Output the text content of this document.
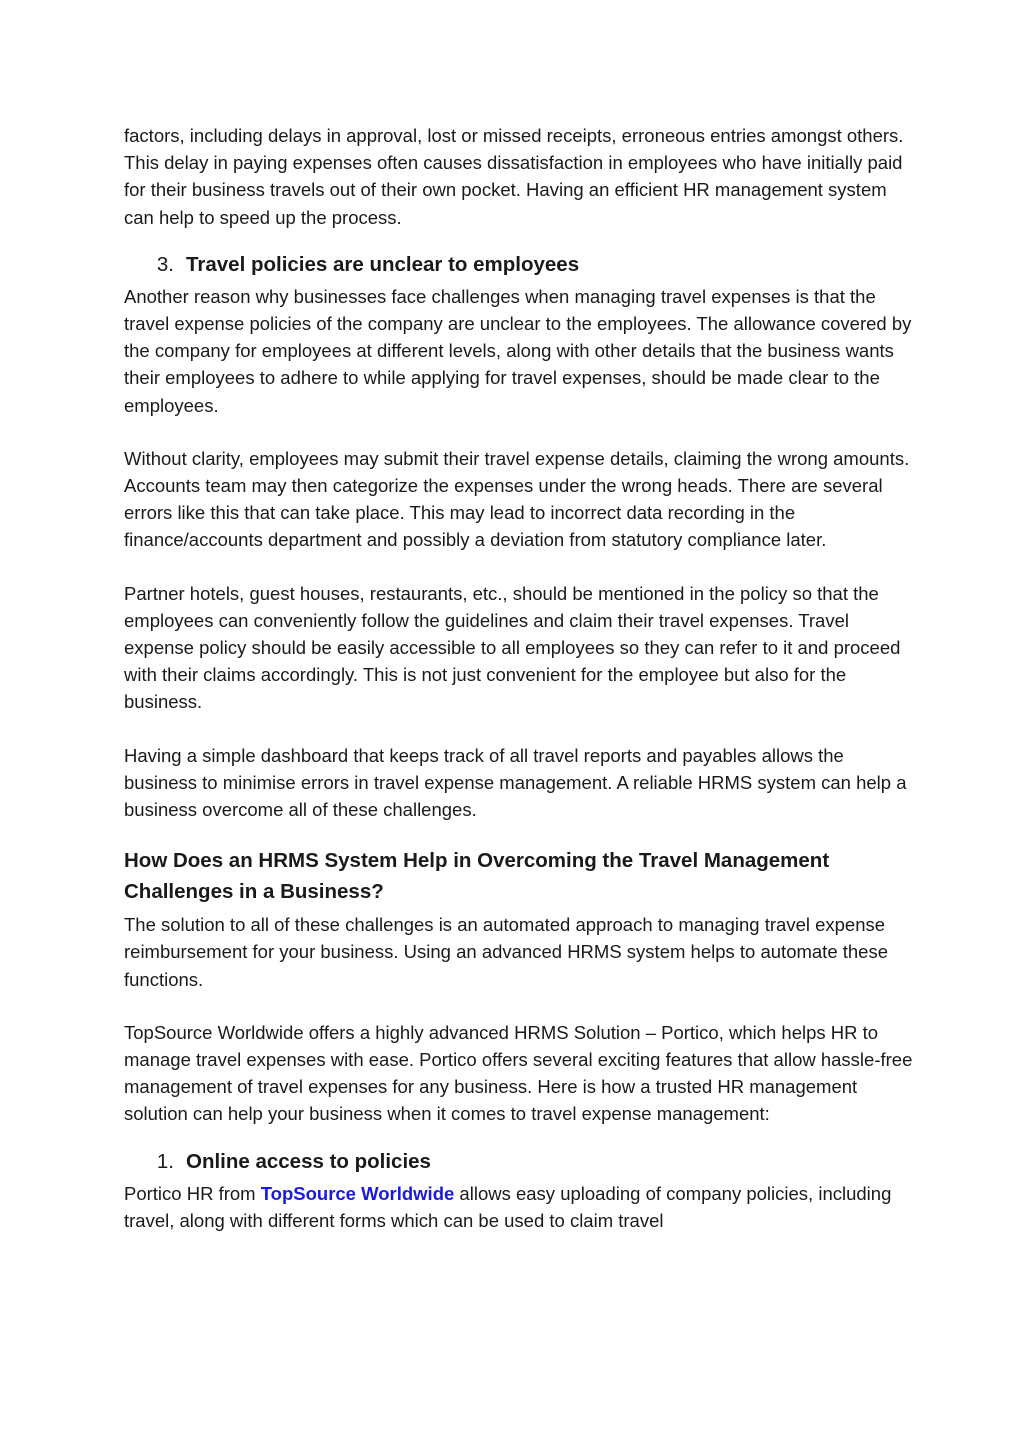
factors, including delays in approval, lost or missed receipts, erroneous entries amongst others. This delay in paying expenses often causes dissatisfaction in employees who have initially paid for their business travels out of their own pocket. Having an efficient HR management system can help to speed up the process.

3. Travel policies are unclear to employees

Another reason why businesses face challenges when managing travel expenses is that the travel expense policies of the company are unclear to the employees. The allowance covered by the company for employees at different levels, along with other details that the business wants their employees to adhere to while applying for travel expenses, should be made clear to the employees.

Without clarity, employees may submit their travel expense details, claiming the wrong amounts. Accounts team may then categorize the expenses under the wrong heads. There are several errors like this that can take place. This may lead to incorrect data recording in the finance/accounts department and possibly a deviation from statutory compliance later.

Partner hotels, guest houses, restaurants, etc., should be mentioned in the policy so that the employees can conveniently follow the guidelines and claim their travel expenses. Travel expense policy should be easily accessible to all employees so they can refer to it and proceed with their claims accordingly. This is not just convenient for the employee but also for the business.

Having a simple dashboard that keeps track of all travel reports and payables allows the business to minimise errors in travel expense management. A reliable HRMS system can help a business overcome all of these challenges.

How Does an HRMS System Help in Overcoming the Travel Management Challenges in a Business?

The solution to all of these challenges is an automated approach to managing travel expense reimbursement for your business. Using an advanced HRMS system helps to automate these functions.

TopSource Worldwide offers a highly advanced HRMS Solution – Portico, which helps HR to manage travel expenses with ease. Portico offers several exciting features that allow hassle-free management of travel expenses for any business. Here is how a trusted HR management solution can help your business when it comes to travel expense management:

1. Online access to policies

Portico HR from TopSource Worldwide allows easy uploading of company policies, including travel, along with different forms which can be used to claim travel
